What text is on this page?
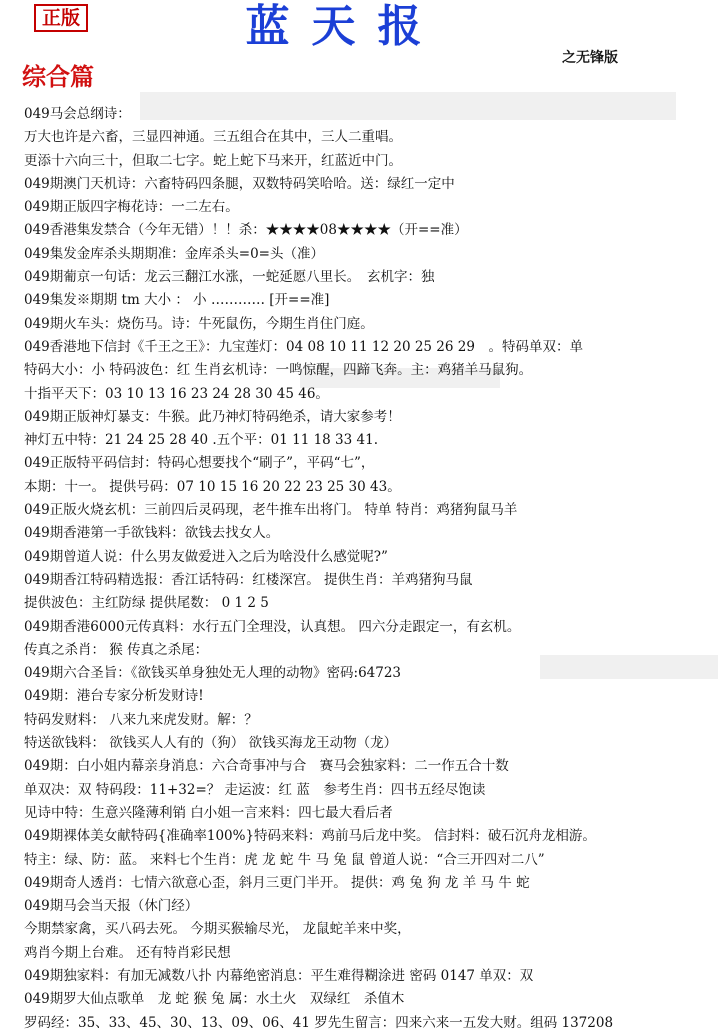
正版	蓝天报
之无锋版
综合篇
049马会总纲诗：
万大也许是六畜，三显四神通。三五组合在其中，三人二重唱。
更添十六向三十，但取二七字。蛇上蛇下马来开，红蓝近中门。
049期澳门天机诗：六畜特码四条腿，双数特码笑哈哈。送：绿红一定中
049期正版四字梅花诗：一二左右。
049香港集发禁合（今年无错）！！杀：★★★★08★★★★（开==准）
049集发金库杀头期期准：金库杀头=0=头（准）
049期葡京一句话：龙云三翻江水涨，一蛇延愿八里长。　玄机字：独
049集发※期期 tm 大小 ： 小 ………… [开==准]
049期火车头：烧伤马。诗：牛死鼠伤，今期生肖住门庭。
049香港地下信封《千王之王》：九宝莲灯：04 08 10 11 12 20 25 26 29　。特码单双：单
特码大小：小 特码波色：红 生肖玄机诗：一鸣惊醒，四蹄飞奔。主：鸡猪羊马鼠狗。
十指平天下：03 10 13 16 23 24 28 30 45 46。
049期正版神灯暴支：牛猴。此乃神灯特码绝杀，请大家参考！
神灯五中特：21 24 25 28 40 .五个平：01 11 18 33 41.
049正版特平码信封：特码心想要找个“刷子”，平码“七”，
本期：十一。 提供号码：07 10 15 16 20 22 23 25 30 43。
049正版火烧玄机：三前四后灵码现，老牛推车出将门。 特单 特肖：鸡猪狗鼠马羊
049期香港第一手欲钱料：欲钱去找女人。
049期曾道人说：什么男友做爱进入之后为啥没什么感觉呢?”
049期香江特码精选报：香江话特码：红楼深宫。 提供生肖：羊鸡猪狗马鼠
提供波色：主红防绿 提供尾数： 0 1 2 5
049期香港6000元传真料：水行五门全理没，认真想。 四六分走跟定一，有玄机。
传真之杀肖： 猴 传真之杀尾：
049期六合圣旨：《欲钱买单身独处无人理的动物》密码:64723
049期：港台专家分析发财诗!
特码发财料： 八来九来虎发财。解：？
特送欲钱料： 欲钱买人人有的（狗） 欲钱买海龙王动物（龙）
049期：白小姐内幕亲身消息：六合奇事冲与合　赛马会独家料：二一作五合十数
单双决：双 特码段：11+32=？ 走运波：红 蓝　参考生肖：四书五经尽饱读
见诗中特：生意兴隆薄利销 白小姐一言来料：四七最大看后者
049期裸体美女献特码{准确率100%}特码来料：鸡前马后龙中奖。 信封料：破石沉舟龙相游。
特主：绿、防：蓝。 来料七个生肖：虎 龙 蛇 牛 马 兔 鼠 曾道人说：“合三开四对二八”
049期奇人透肖：七情六欲意心歪，斜月三更门半开。 提供：鸡 兔 狗 龙 羊 马 牛 蛇
049期马会当天报（休门经）
今期禁家禽，买八码去死。 今期买猴输尽光， 龙鼠蛇羊来中奖，
鸡肖今期上台难。 还有特肖彩民想
049期独家料：有加无减数八扑 内幕绝密消息：平生难得糊涂进 密码 0147 单双：双
049期罗大仙点歌单　龙 蛇 猴 兔 属：水土火　双绿红　杀值木
罗码经：35、33、45、30、13、09、06、41 罗先生留言：四来六来一五发大财。组码 137208
